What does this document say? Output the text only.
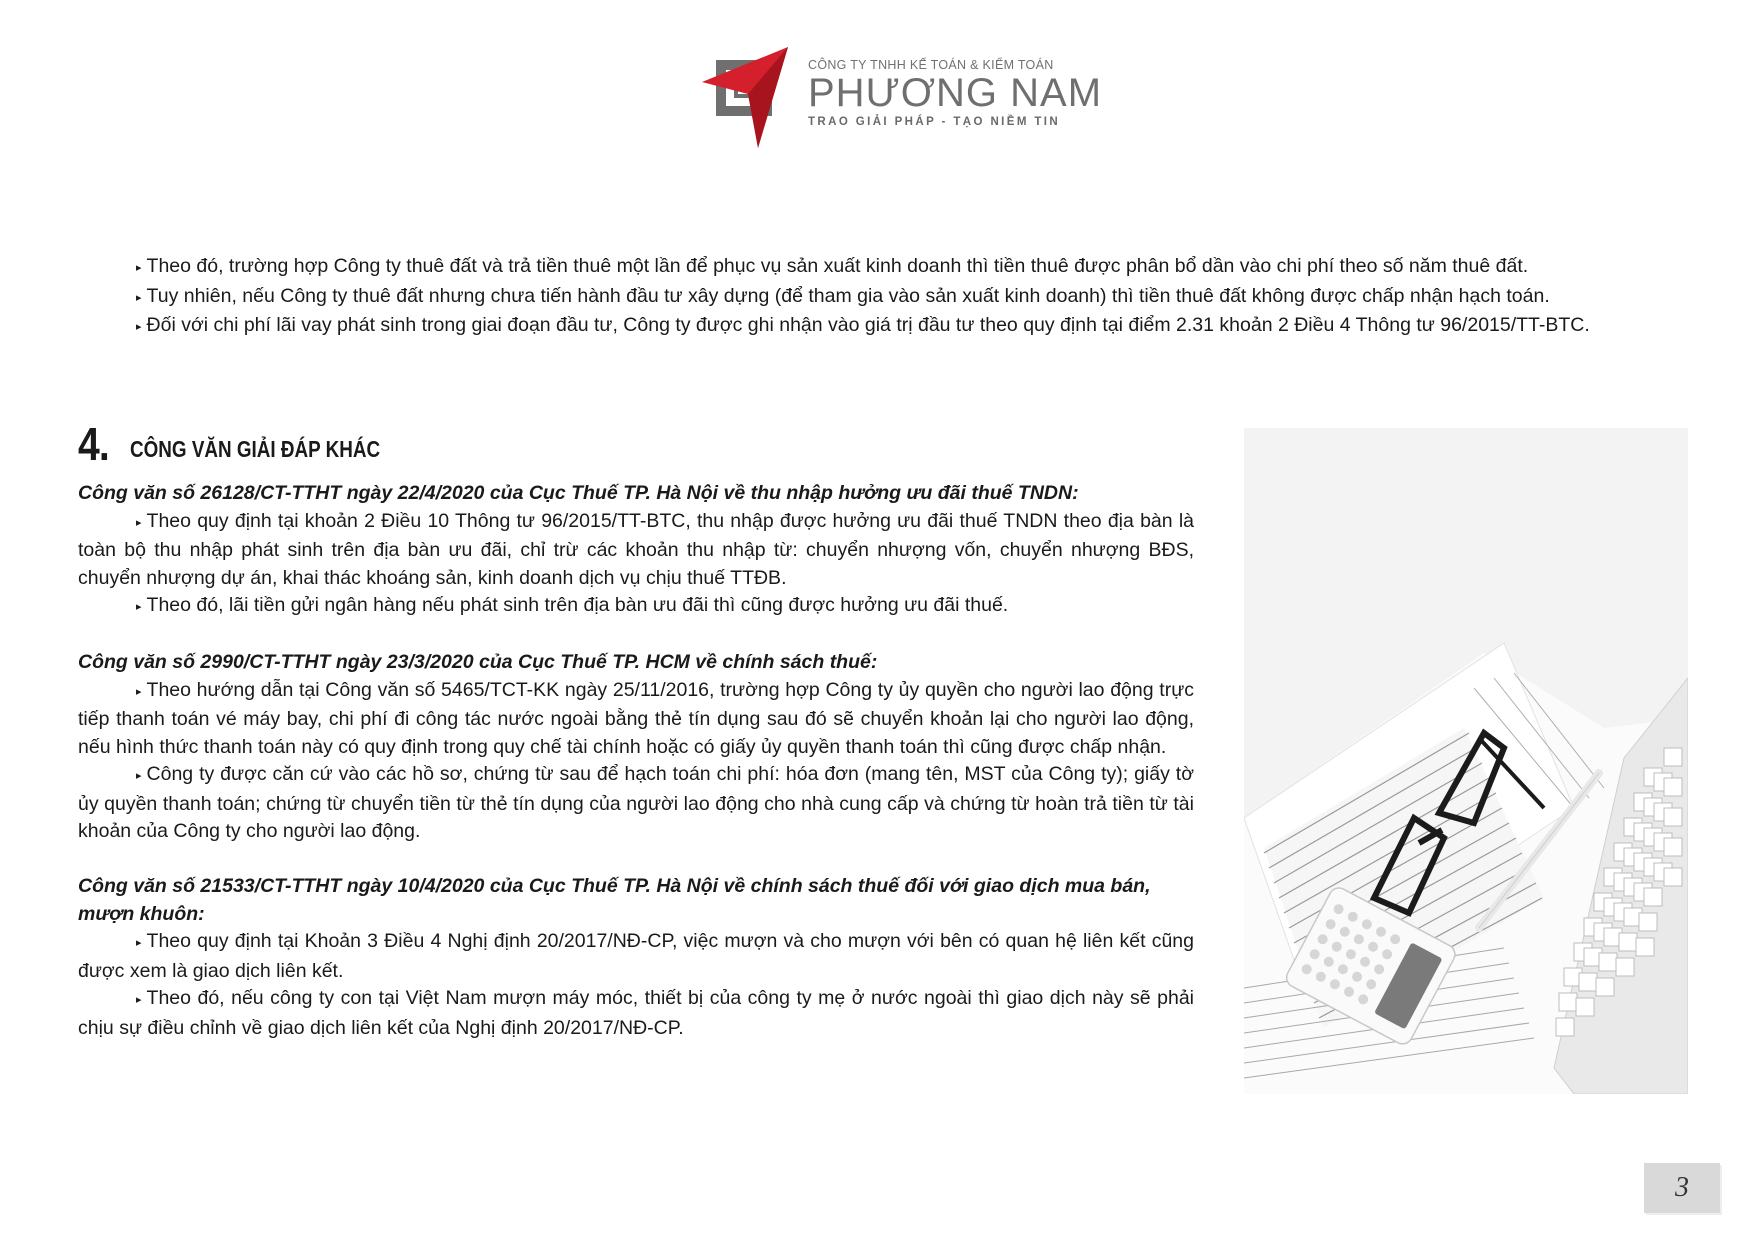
CÔNG TY TNHH KẾ TOÁN & KIỂM TOÁN
PHƯƠNG NAM
TRAO GIẢI PHÁP - TẠO NIỀM TIN
▸ Theo đó, trường hợp Công ty thuê đất và trả tiền thuê một lần để phục vụ sản xuất kinh doanh thì tiền thuê được phân bổ dần vào chi phí theo số năm thuê đất.
▸ Tuy nhiên, nếu Công ty thuê đất nhưng chưa tiến hành đầu tư xây dựng (để tham gia vào sản xuất kinh doanh) thì tiền thuê đất không được chấp nhận hạch toán.
▸ Đối với chi phí lãi vay phát sinh trong giai đoạn đầu tư, Công ty được ghi nhận vào giá trị đầu tư theo quy định tại điểm 2.31 khoản 2 Điều 4 Thông tư 96/2015/TT-BTC.
4. CÔNG VĂN GIẢI ĐÁP KHÁC
Công văn số 26128/CT-TTHT ngày 22/4/2020 của Cục Thuế TP. Hà Nội về thu nhập hưởng ưu đãi thuế TNDN:

▸ Theo quy định tại khoản 2 Điều 10 Thông tư 96/2015/TT-BTC, thu nhập được hưởng ưu đãi thuế TNDN theo địa bàn là toàn bộ thu nhập phát sinh trên địa bàn ưu đãi, chỉ trừ các khoản thu nhập từ: chuyển nhượng vốn, chuyển nhượng BĐS, chuyển nhượng dự án, khai thác khoáng sản, kinh doanh dịch vụ chịu thuế TTĐB.

▸ Theo đó, lãi tiền gửi ngân hàng nếu phát sinh trên địa bàn ưu đãi thì cũng được hưởng ưu đãi thuế.

Công văn số 2990/CT-TTHT ngày 23/3/2020 của Cục Thuế TP. HCM về chính sách thuế:

▸ Theo hướng dẫn tại Công văn số 5465/TCT-KK ngày 25/11/2016, trường hợp Công ty ủy quyền cho người lao động trực tiếp thanh toán vé máy bay, chi phí đi công tác nước ngoài bằng thẻ tín dụng sau đó sẽ chuyển khoản lại cho người lao động, nếu hình thức thanh toán này có quy định trong quy chế tài chính hoặc có giấy ủy quyền thanh toán thì cũng được chấp nhận.

▸ Công ty được căn cứ vào các hồ sơ, chứng từ sau để hạch toán chi phí: hóa đơn (mang tên, MST của Công ty); giấy tờ ủy quyền thanh toán; chứng từ chuyển tiền từ thẻ tín dụng của người lao động cho nhà cung cấp và chứng từ hoàn trả tiền từ tài khoản của Công ty cho người lao động.

Công văn số 21533/CT-TTHT ngày 10/4/2020 của Cục Thuế TP. Hà Nội về chính sách thuế đối với giao dịch mua bán, mượn khuôn:

▸ Theo quy định tại Khoản 3 Điều 4 Nghị định 20/2017/NĐ-CP, việc mượn và cho mượn với bên có quan hệ liên kết cũng được xem là giao dịch liên kết.

▸ Theo đó, nếu công ty con tại Việt Nam mượn máy móc, thiết bị của công ty mẹ ở nước ngoài thì giao dịch này sẽ phải chịu sự điều chỉnh về giao dịch liên kết của Nghị định 20/2017/NĐ-CP.

3
